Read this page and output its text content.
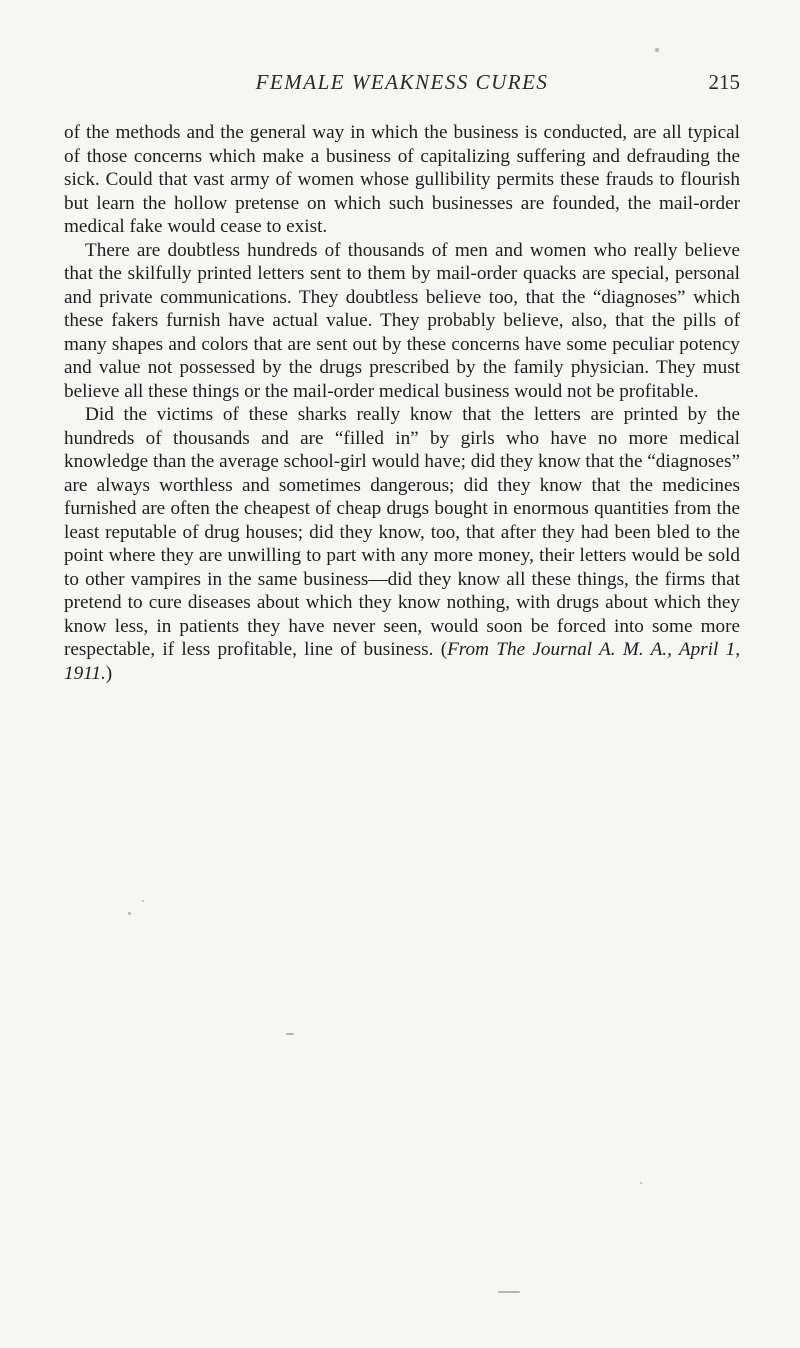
FEMALE WEAKNESS CURES	215

of the methods and the general way in which the business is conducted, are all typical of those concerns which make a business of capitalizing suffering and defrauding the sick. Could that vast army of women whose gullibility permits these frauds to flourish but learn the hollow pretense on which such businesses are founded, the mail-order medical fake would cease to exist.

There are doubtless hundreds of thousands of men and women who really believe that the skilfully printed letters sent to them by mail-order quacks are special, personal and private communications. They doubtless believe too, that the “diagnoses” which these fakers furnish have actual value. They probably believe, also, that the pills of many shapes and colors that are sent out by these concerns have some peculiar potency and value not possessed by the drugs prescribed by the family physician. They must believe all these things or the mail-order medical business would not be profitable.

Did the victims of these sharks really know that the letters are printed by the hundreds of thousands and are “filled in” by girls who have no more medical knowledge than the average school-girl would have; did they know that the “diagnoses” are always worthless and sometimes dangerous; did they know that the medicines furnished are often the cheapest of cheap drugs bought in enormous quantities from the least reputable of drug houses; did they know, too, that after they had been bled to the point where they are unwilling to part with any more money, their letters would be sold to other vampires in the same business—did they know all these things, the firms that pretend to cure diseases about which they know nothing, with drugs about which they know less, in patients they have never seen, would soon be forced into some more respectable, if less profitable, line of business. (From The Journal A. M. A., April 1, 1911.)
